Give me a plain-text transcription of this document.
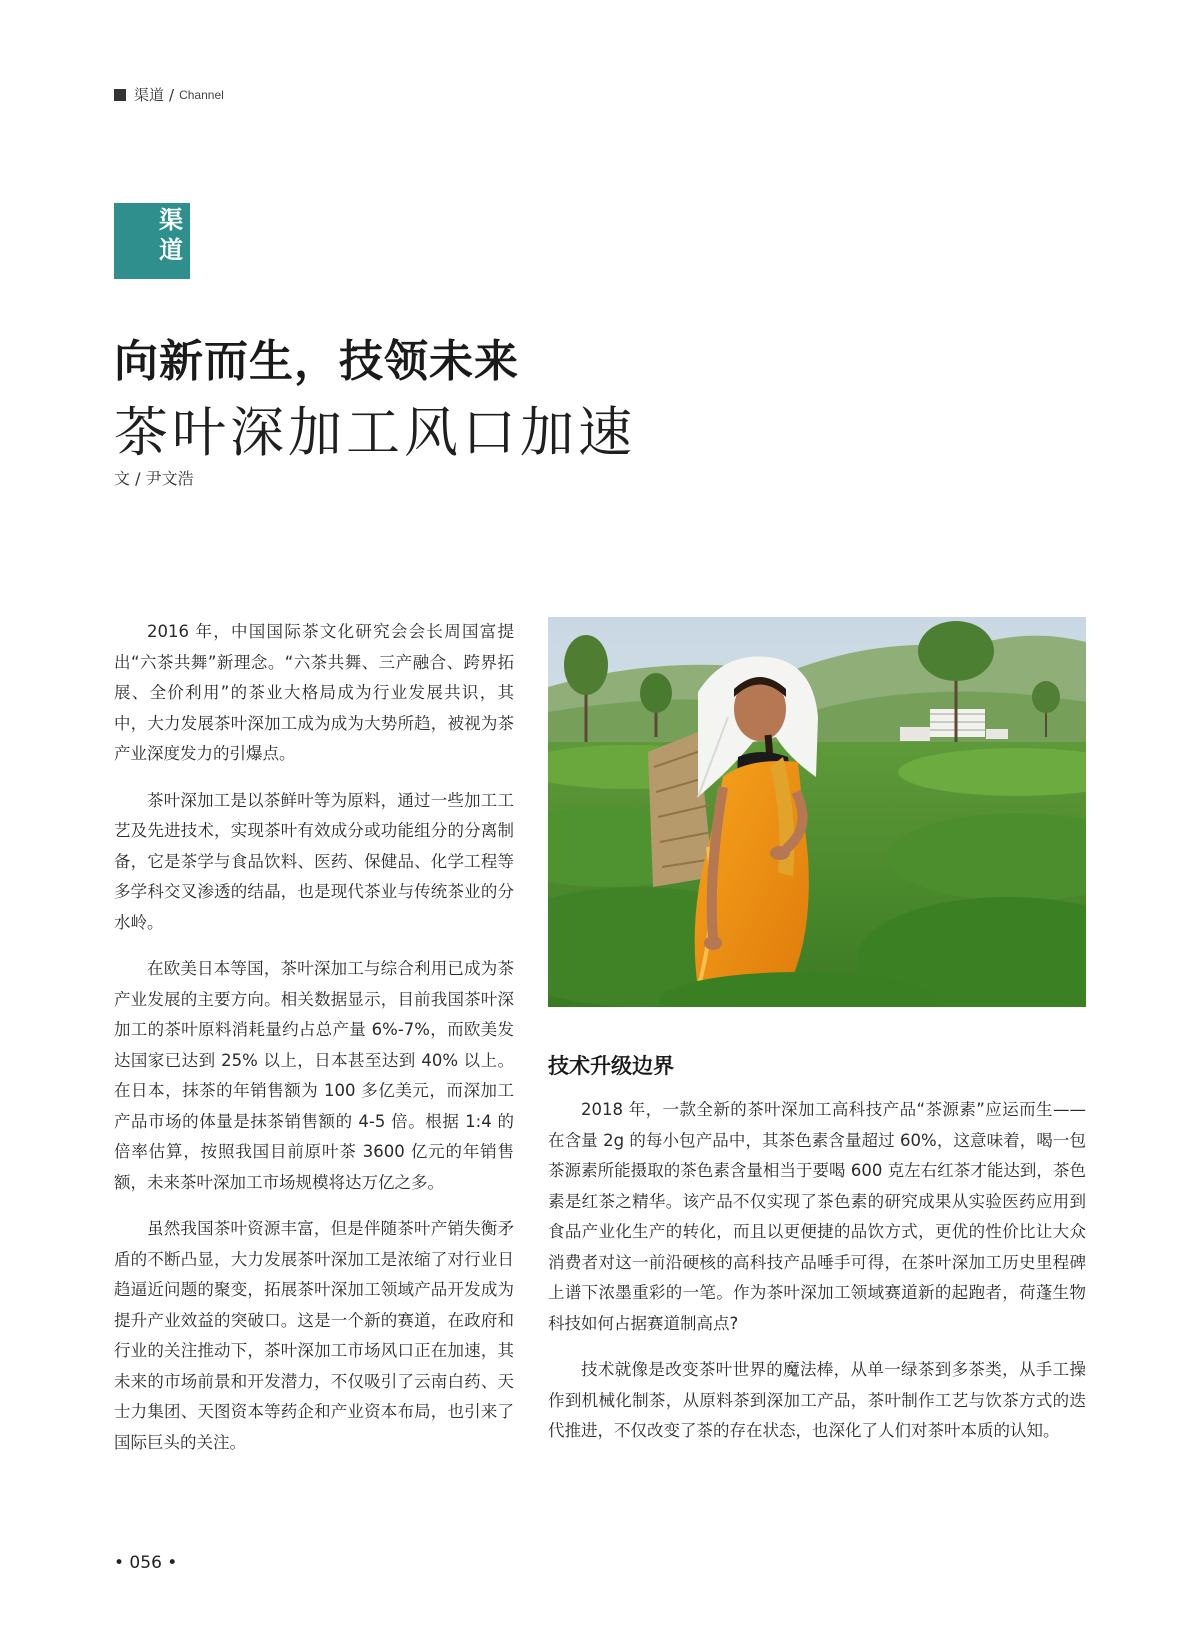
渠道 / Channel
渠道
向新而生，技领未来
茶叶深加工风口加速
文 / 尹文浩

2016 年，中国国际茶文化研究会会长周国富提出“六茶共舞”新理念。“六茶共舞、三产融合、跨界拓展、全价利用”的茶业大格局成为行业发展共识，其中，大力发展茶叶深加工成为成为大势所趋，被视为茶产业深度发力的引爆点。

茶叶深加工是以茶鲜叶等为原料，通过一些加工工艺及先进技术，实现茶叶有效成分或功能组分的分离制备，它是茶学与食品饮料、医药、保健品、化学工程等多学科交叉渗透的结晶，也是现代茶业与传统茶业的分水岭。

在欧美日本等国，茶叶深加工与综合利用已成为茶产业发展的主要方向。相关数据显示，目前我国茶叶深加工的茶叶原料消耗量约占总产量 6%-7%，而欧美发达国家已达到 25% 以上，日本甚至达到 40% 以上。在日本，抹茶的年销售额为 100 多亿美元，而深加工产品市场的体量是抹茶销售额的 4-5 倍。根据 1:4 的倍率估算，按照我国目前原叶茶 3600 亿元的年销售额，未来茶叶深加工市场规模将达万亿之多。

虽然我国茶叶资源丰富，但是伴随茶叶产销失衡矛盾的不断凸显，大力发展茶叶深加工是浓缩了对行业日趋逼近问题的聚变，拓展茶叶深加工领域产品开发成为提升产业效益的突破口。这是一个新的赛道，在政府和行业的关注推动下，茶叶深加工市场风口正在加速，其未来的市场前景和开发潜力，不仅吸引了云南白药、天士力集团、天图资本等药企和产业资本布局，也引来了国际巨头的关注。

技术升级边界

2018 年，一款全新的茶叶深加工高科技产品“茶源素”应运而生——在含量 2g 的每小包产品中，其茶色素含量超过 60%，这意味着，喝一包茶源素所能摄取的茶色素含量相当于要喝 600 克左右红茶才能达到，茶色素是红茶之精华。该产品不仅实现了茶色素的研究成果从实验医药应用到食品产业化生产的转化，而且以更便捷的品饮方式，更优的性价比让大众消费者对这一前沿硬核的高科技产品唾手可得，在茶叶深加工历史里程碑上谱下浓墨重彩的一笔。作为茶叶深加工领域赛道新的起跑者，荷蓬生物科技如何占据赛道制高点?

技术就像是改变茶叶世界的魔法棒，从单一绿茶到多茶类，从手工操作到机械化制茶，从原料茶到深加工产品，茶叶制作工艺与饮茶方式的迭代推进，不仅改变了茶的存在状态，也深化了人们对茶叶本质的认知。

• 056 •
